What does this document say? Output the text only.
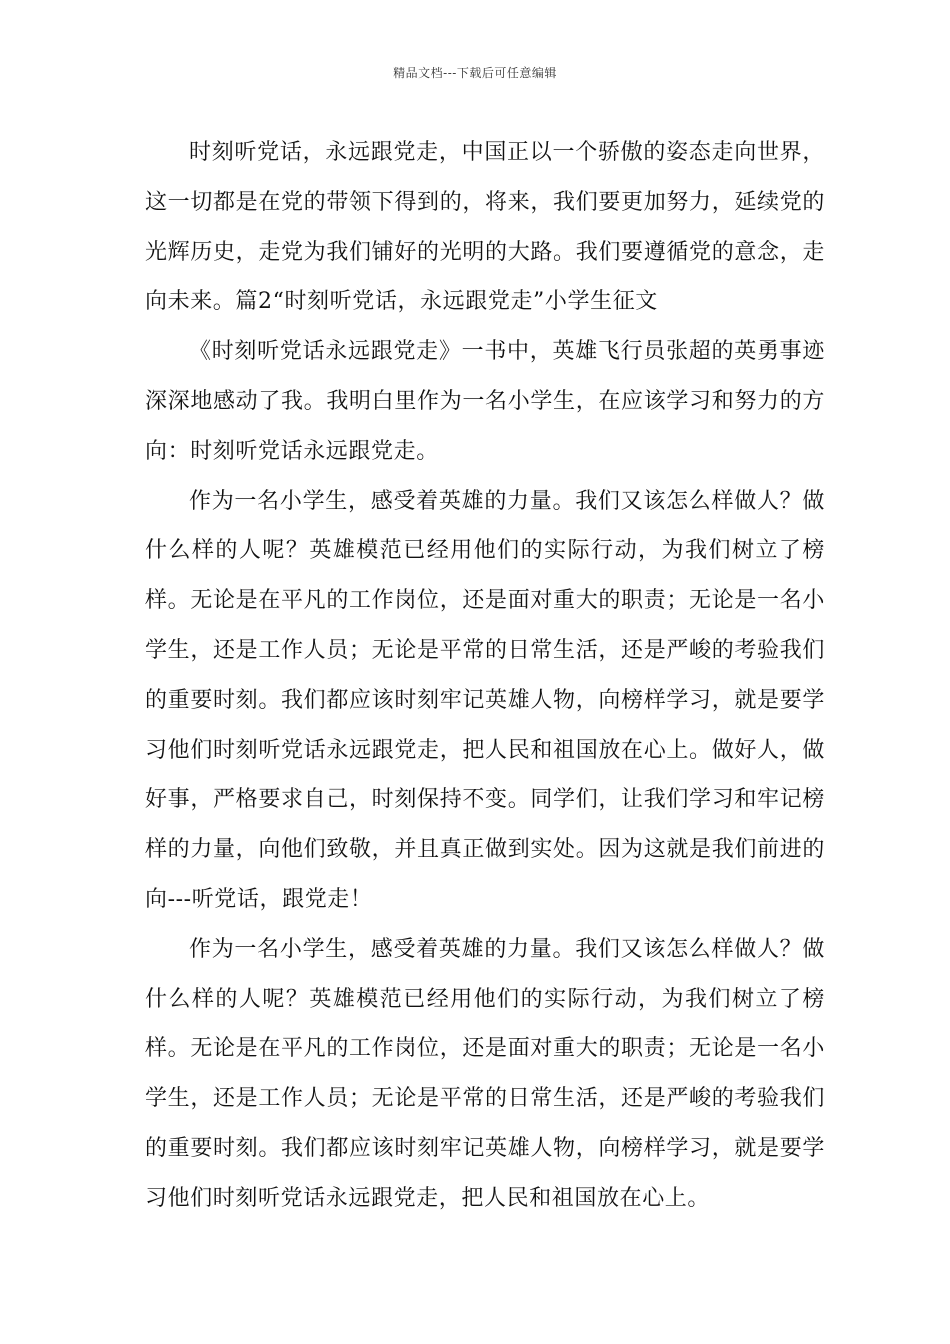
精品文档---下载后可任意编辑

时刻听党话，永远跟党走，中国正以一个骄傲的姿态走向世界，这一切都是在党的带领下得到的，将来，我们要更加努力，延续党的光辉历史，走党为我们铺好的光明的大路。我们要遵循党的意念，走向未来。篇2“时刻听党话，永远跟党走”小学生征文

《时刻听党话永远跟党走》一书中，英雄飞行员张超的英勇事迹深深地感动了我。我明白里作为一名小学生，在应该学习和努力的方向：时刻听党话永远跟党走。

作为一名小学生，感受着英雄的力量。我们又该怎么样做人？做什么样的人呢？英雄模范已经用他们的实际行动，为我们树立了榜样。无论是在平凡的工作岗位，还是面对重大的职责；无论是一名小学生，还是工作人员；无论是平常的日常生活，还是严峻的考验我们的重要时刻。我们都应该时刻牢记英雄人物，向榜样学习，就是要学习他们时刻听党话永远跟党走，把人民和祖国放在心上。做好人，做好事，严格要求自己，时刻保持不变。同学们，让我们学习和牢记榜样的力量，向他们致敬，并且真正做到实处。因为这就是我们前进的向---听党话，跟党走！

作为一名小学生，感受着英雄的力量。我们又该怎么样做人？做什么样的人呢？英雄模范已经用他们的实际行动，为我们树立了榜样。无论是在平凡的工作岗位，还是面对重大的职责；无论是一名小学生，还是工作人员；无论是平常的日常生活，还是严峻的考验我们的重要时刻。我们都应该时刻牢记英雄人物，向榜样学习，就是要学习他们时刻听党话永远跟党走，把人民和祖国放在心上。
